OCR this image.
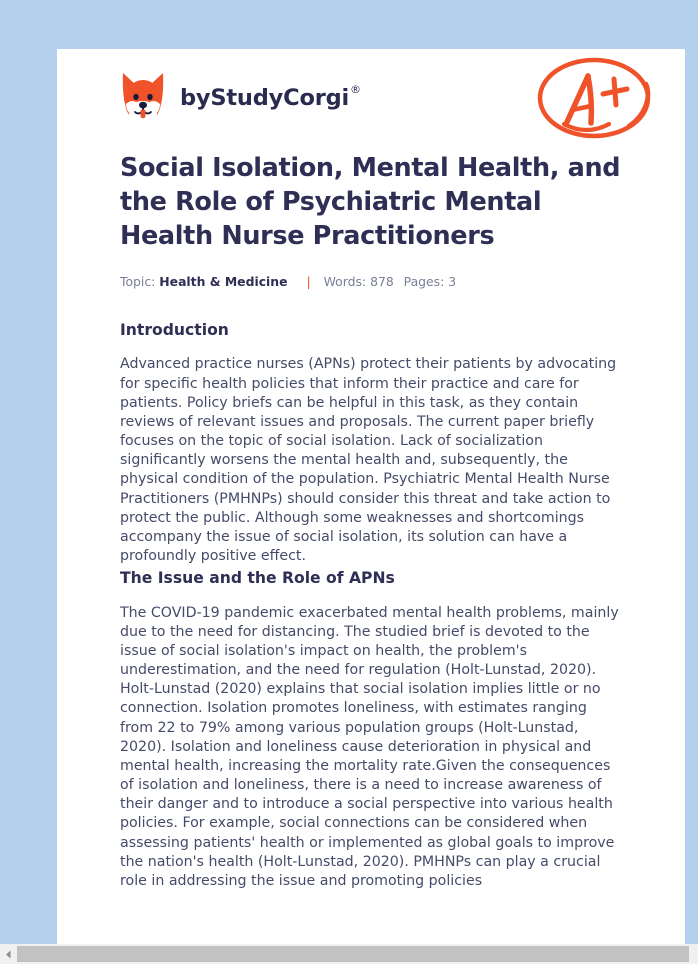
by StudyCorgi ®
Social Isolation, Mental Health, and the Role of Psychiatric Mental Health Nurse Practitioners
Topic: Health & Medicine | Words: 878 Pages: 3
Introduction

Advanced practice nurses (APNs) protect their patients by advocating for specific health policies that inform their practice and care for patients. Policy briefs can be helpful in this task, as they contain reviews of relevant issues and proposals. The current paper briefly focuses on the topic of social isolation. Lack of socialization significantly worsens the mental health and, subsequently, the physical condition of the population. Psychiatric Mental Health Nurse Practitioners (PMHNPs) should consider this threat and take action to protect the public. Although some weaknesses and shortcomings accompany the issue of social isolation, its solution can have a profoundly positive effect.

The Issue and the Role of APNs

The COVID-19 pandemic exacerbated mental health problems, mainly due to the need for distancing. The studied brief is devoted to the issue of social isolation's impact on health, the problem's underestimation, and the need for regulation (Holt-Lunstad, 2020). Holt-Lunstad (2020) explains that social isolation implies little or no connection. Isolation promotes loneliness, with estimates ranging from 22 to 79% among various population groups (Holt-Lunstad, 2020). Isolation and loneliness cause deterioration in physical and mental health, increasing the mortality rate.Given the consequences of isolation and loneliness, there is a need to increase awareness of their danger and to introduce a social perspective into various health policies. For example, social connections can be considered when assessing patients' health or implemented as global goals to improve the nation's health (Holt-Lunstad, 2020). PMHNPs can play a crucial role in addressing the issue and promoting policies
